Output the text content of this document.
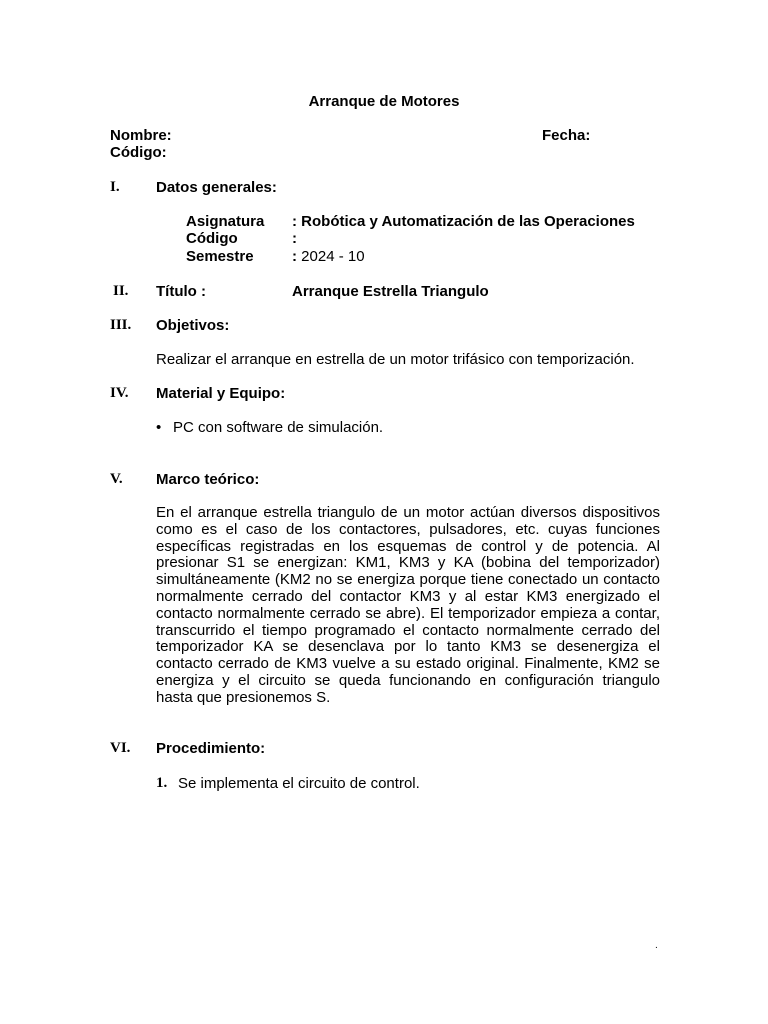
Arranque de Motores
Nombre:	Fecha:
Código:
I. Datos generales:
Asignatura : Robótica y Automatización de las Operaciones
Código	:
Semestre	: 2024 - 10
II. Título :	Arranque Estrella Triangulo
III. Objetivos:
Realizar el arranque en estrella de un motor trifásico con temporización.
IV. Material y Equipo:
• PC con software de simulación.
V. Marco teórico:
En el arranque estrella triangulo de un motor actúan diversos dispositivos como es el caso de los contactores, pulsadores, etc. cuyas funciones específicas registradas en los esquemas de control y de potencia. Al presionar S1 se energizan: KM1, KM3 y KA (bobina del temporizador) simultáneamente (KM2 no se energiza porque tiene conectado un contacto normalmente cerrado del contactor KM3 y al estar KM3 energizado el contacto normalmente cerrado se abre). El temporizador empieza a contar, transcurrido el tiempo programado el contacto normalmente cerrado del temporizador KA se desenclava por lo tanto KM3 se desenergiza el contacto cerrado de KM3 vuelve a su estado original. Finalmente, KM2 se energiza y el circuito se queda funcionando en configuración triangulo hasta que presionemos S.
VI. Procedimiento:
1. Se implementa el circuito de control.
.
